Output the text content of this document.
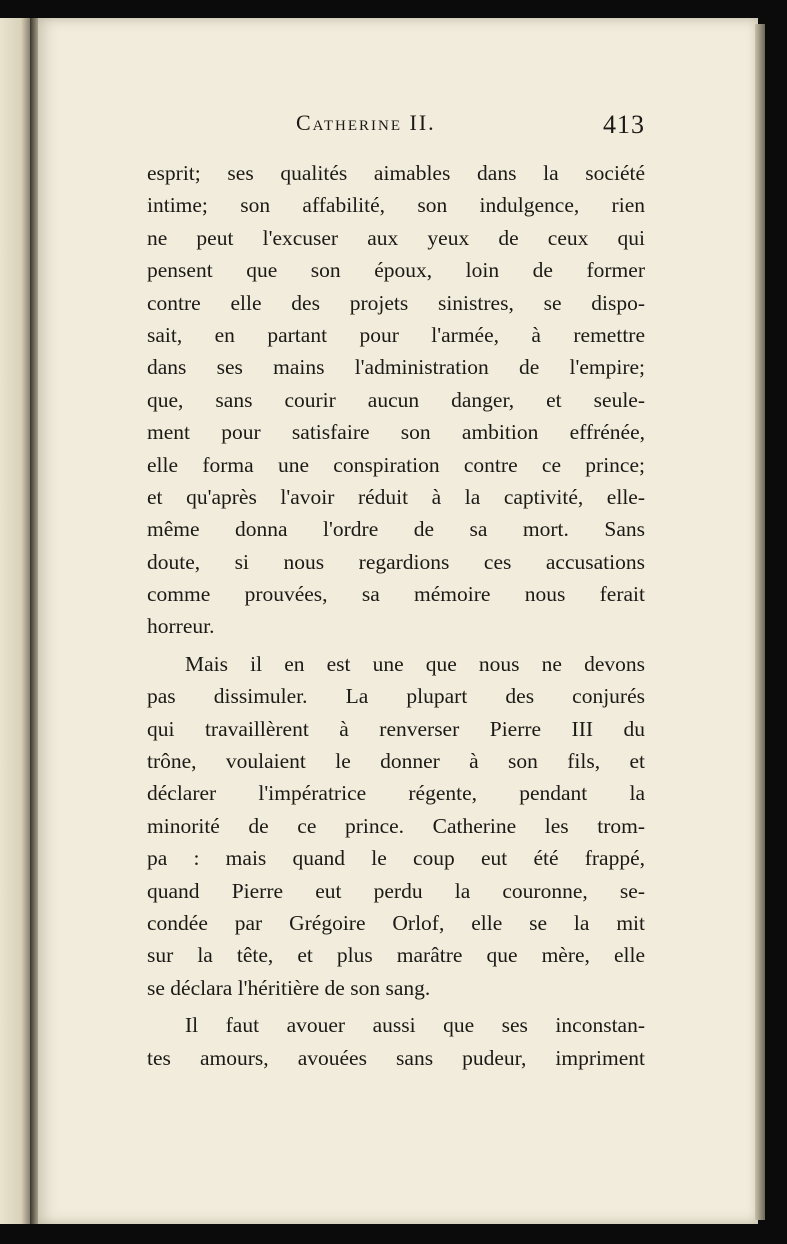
Catherine II.	413
esprit; ses qualités aimables dans la société
intime; son affabilité, son indulgence, rien
ne peut l'excuser aux yeux de ceux qui
pensent que son époux, loin de former
contre elle des projets sinistres, se dispo-
sait, en partant pour l'armée, à remettre
dans ses mains l'administration de l'empire;
que, sans courir aucun danger, et seule-
ment pour satisfaire son ambition effrénée,
elle forma une conspiration contre ce prince;
et qu'après l'avoir réduit à la captivité, elle-
même donna l'ordre de sa mort. Sans
doute, si nous regardions ces accusations
comme prouvées, sa mémoire nous ferait
horreur.
Mais il en est une que nous ne devons
pas dissimuler. La plupart des conjurés
qui travaillèrent à renverser Pierre III du
trône, voulaient le donner à son fils, et
déclarer l'impératrice régente, pendant la
minorité de ce prince. Catherine les trom-
pa : mais quand le coup eut été frappé,
quand Pierre eut perdu la couronne, se-
condée par Grégoire Orlof, elle se la mit
sur la tête, et plus marâtre que mère, elle
se déclara l'héritière de son sang.
Il faut avouer aussi que ses inconstan-
tes amours, avouées sans pudeur, impriment
